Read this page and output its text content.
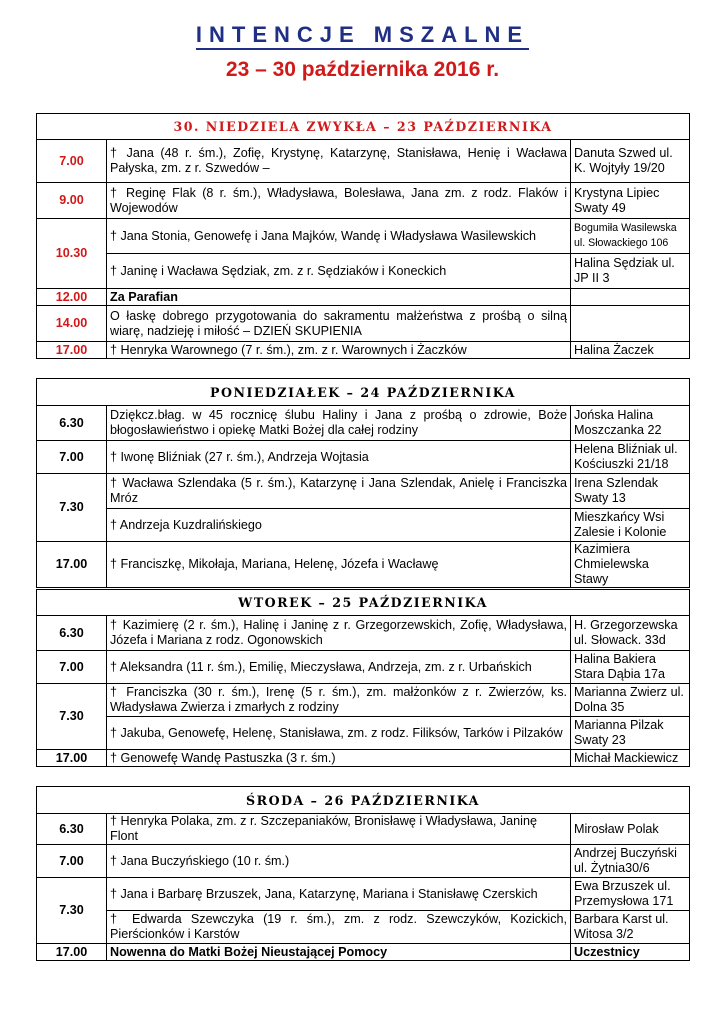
INTENCJE MSZALNE
23 – 30 października 2016 r.
30. NIEDZIELA ZWYKŁA – 23 PAŹDZIERNIKA		
7.00	† Jana (48 r. śm.), Zofię, Krystynę, Katarzynę, Stanisława, Henię i Wacława Pałyska, zm. z r. Szwedów –	Danuta Szwed ul. K. Wojtyły 19/20
9.00	† Reginę Flak (8 r. śm.), Władysława, Bolesława, Jana zm. z rodz. Flaków i Wojewodów	Krystyna Lipiec Swaty 49
10.30	† Jana Stonia, Genowefę i Jana Majków, Wandę i Władysława Wasilewskich	Bogumiła Wasilewska ul. Słowackiego 106
	† Janinę i Wacława Sędziak, zm. z r. Sędziaków i Koneckich	Halina Sędziak ul. JP II 3
12.00	Za Parafian	
14.00	O łaskę dobrego przygotowania do sakramentu małżeństwa z prośbą o silną wiarę, nadzieję i miłość – DZIEŃ SKUPIENIA	
17.00	† Henryka Warownego (7 r. śm.), zm. z r. Warownych i Żaczków	Halina Żaczek
PONIEDZIAŁEK – 24 PAŹDZIERNIKA		
6.30	Dziękcz.błag. w 45 rocznicę ślubu Haliny i Jana z prośbą o zdrowie, Boże błogosławieństwo i opiekę Matki Bożej dla całej rodziny	Jońska Halina Moszczanka 22
7.00	† Iwonę Bliźniak (27 r. śm.), Andrzeja Wojtasia	Helena Bliźniak ul. Kościuszki 21/18
7.30	† Wacława Szlendaka (5 r. śm.), Katarzynę i Jana Szlendak, Anielę i Franciszka Mróz	Irena Szlendak Swaty 13
	† Andrzeja Kuzdralińskiego	Mieszkańcy Wsi Zalesie i Kolonie
17.00	† Franciszkę, Mikołaja, Mariana, Helenę, Józefa i Wacławę	Kazimiera Chmielewska Stawy
WTOREK – 25 PAŹDZIERNIKA		
6.30	† Kazimierę (2 r. śm.), Halinę i Janinę z r. Grzegorzewskich, Zofię, Władysława, Józefa i Mariana z rodz. Ogonowskich	H. Grzegorzewska ul. Słowack. 33d
7.00	† Aleksandra (11 r. śm.), Emilię, Mieczysława, Andrzeja, zm. z r. Urbańskich	Halina Bakiera Stara Dąbia 17a
7.30	† Franciszka (30 r. śm.), Irenę (5 r. śm.), zm. małżonków z r. Zwierzów, ks. Władysława Zwierza i zmarłych z rodziny	Marianna Zwierz ul. Dolna 35
	† Jakuba, Genowefę, Helenę, Stanisława, zm. z rodz. Filiksów, Tarków i Pilzaków	Marianna Pilzak Swaty 23
17.00	† Genowefę Wandę Pastuszka (3 r. śm.)	Michał Mackiewicz
ŚRODA – 26 PAŹDZIERNIKA		
6.30	† Henryka Polaka, zm. z r. Szczepaniaków, Bronisławę i Władysława, Janinę Flont	Mirosław Polak
7.00	† Jana Buczyńskiego (10 r. śm.)	Andrzej Buczyński ul. Żytnia30/6
7.30	† Jana i Barbarę Brzuszek, Jana, Katarzynę, Mariana i Stanisławę Czerskich	Ewa Brzuszek ul. Przemysłowa 171
	† Edwarda Szewczyka (19 r. śm.), zm. z rodz. Szewczyków, Kozickich, Pierścionków i Karstów	Barbara Karst ul. Witosa 3/2
17.00	Nowenna do Matki Bożej Nieustającej Pomocy	Uczestnicy
